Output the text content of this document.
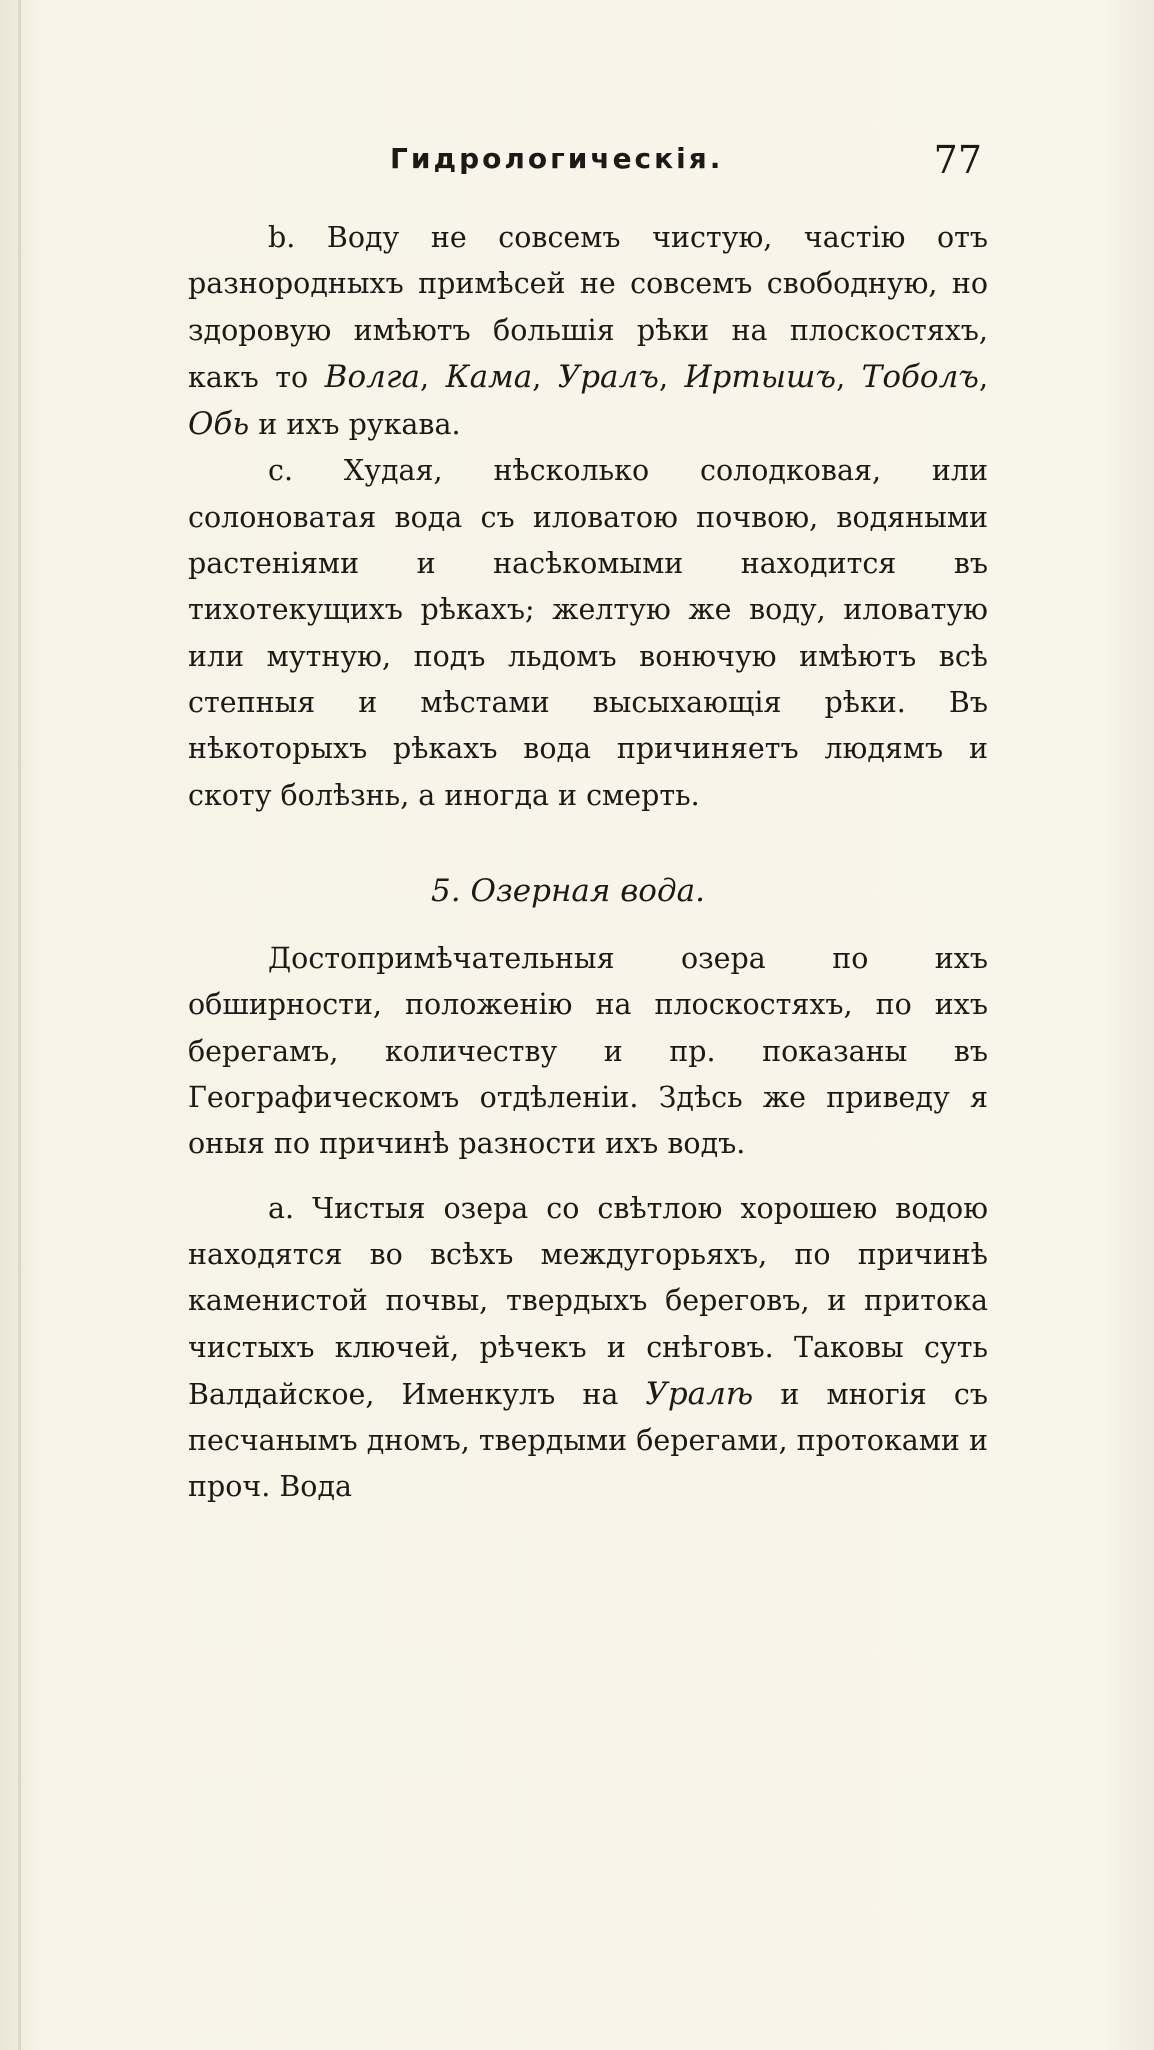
Гидрологическія.	77

b. Воду не совсемъ чистую, частію отъ разнородныхъ примѣсей не совсемъ свободную, но здоровую имѣютъ большія рѣки на плоскостяхъ, какъ то Волга, Кама, Уралъ, Иртышъ, Тоболъ, Обь и ихъ рукава.

c. Худая, нѣсколько солодковая, или солоноватая вода съ иловатою почвою, водяными растеніями и насѣкомыми находится въ тихотекущихъ рѣкахъ; желтую же воду, иловатую или мутную, подъ льдомъ вонючую имѣютъ всѣ степныя и мѣстами высыхающія рѣки. Въ нѣкоторыхъ рѣкахъ вода причиняетъ людямъ и скоту болѣзнь, а иногда и смерть.

5. Озерная вода.

Достопримѣчательныя озера по ихъ обширности, положенію на плоскостяхъ, по ихъ берегамъ, количеству и пр. показаны въ Географическомъ отдѣленіи. Здѣсь же приведу я оныя по причинѣ разности ихъ водъ.

a. Чистыя озера со свѣтлою хорошею водою находятся во всѣхъ междугорьяхъ, по причинѣ каменистой почвы, твердыхъ береговъ, и притока чистыхъ ключей, рѣчекъ и снѣговъ. Таковы суть Валдайское, Именкулъ на Уралѣ и многія съ песчанымъ дномъ, твердыми берегами, протоками и проч. Вода
